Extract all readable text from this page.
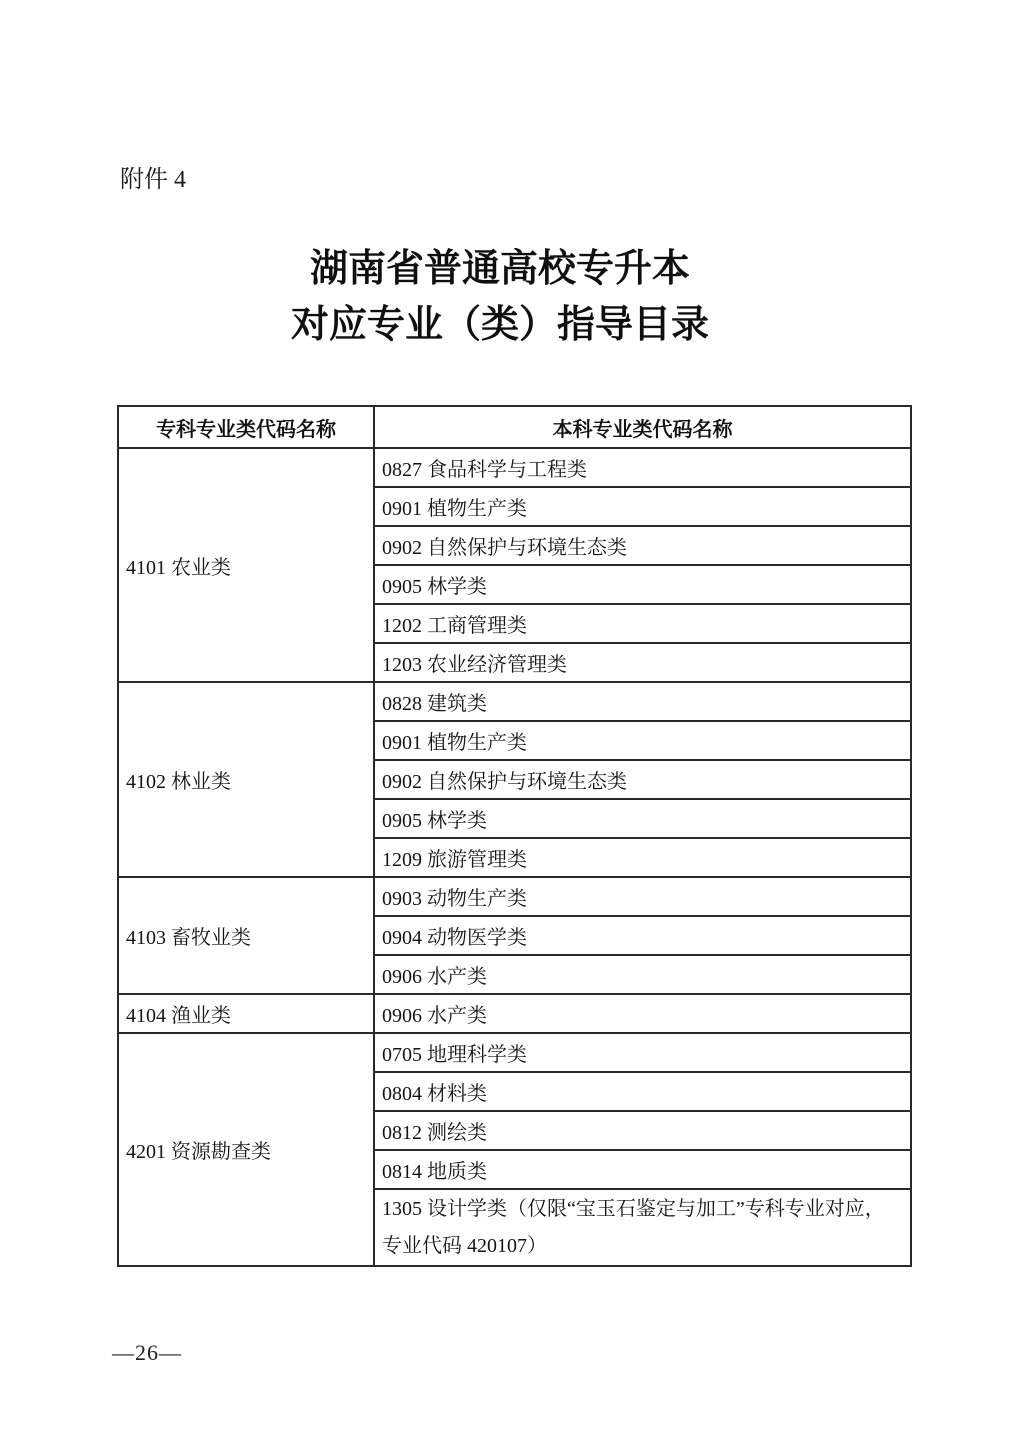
附件 4
湖南省普通高校专升本
对应专业（类）指导目录
专科专业类代码名称	本科专业类代码名称
4101 农业类	0827 食品科学与工程类
	0901 植物生产类
	0902 自然保护与环境生态类
	0905 林学类
	1202 工商管理类
	1203 农业经济管理类
4102 林业类	0828 建筑类
	0901 植物生产类
	0902 自然保护与环境生态类
	0905 林学类
	1209 旅游管理类
4103 畜牧业类	0903 动物生产类
	0904 动物医学类
	0906 水产类
4104 渔业类	0906 水产类
4201 资源勘查类	0705 地理科学类
	0804 材料类
	0812 测绘类
	0814 地质类
	1305 设计学类（仅限“宝玉石鉴定与加工”专科专业对应，专业代码 420107）
—26—
